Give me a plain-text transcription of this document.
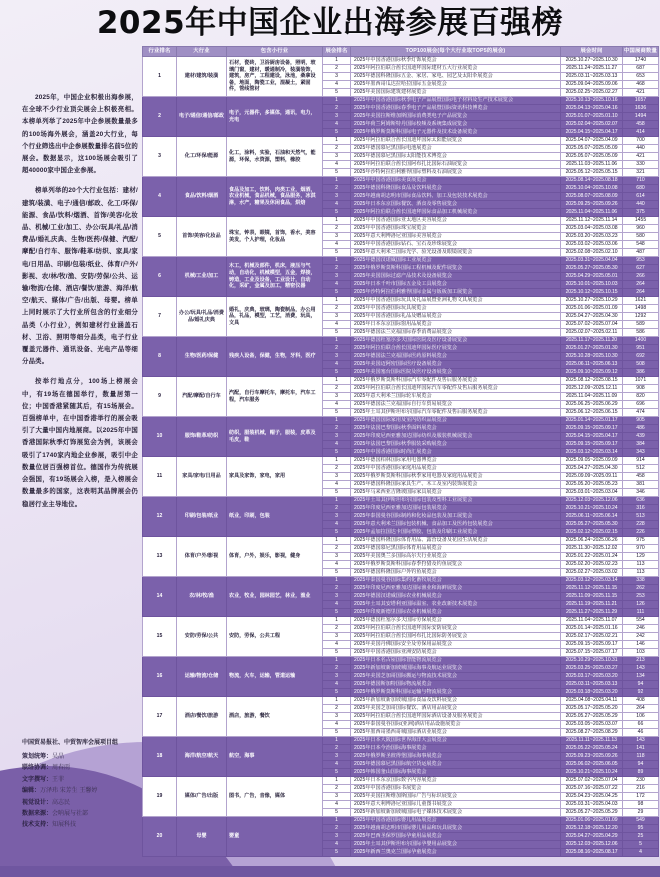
2025年中国企业出海参展百强榜

2025年，中国企业积极出海参展，在全球不少行业顶尖展会上积极亮相。本榜单列举了2025年中企参展数量最多的100场海外展会，涵盖20大行业，每个行业筛选出中企参展数量排名前5位的展会。数据显示，这100场展会吸引了超40000家中国企业参展。

榜单列举的20个大行业包括：建材/建筑/装潢、电子/通信/邮政、化工/环保/能源、食品/饮料/烟酒、首饰/美容/化妆品、机械/工业/加工、办公/玩具/礼品/消费品/婚礼庆典、生物/医药/保健、汽配/摩配/自行车、服饰/鞋革/纺织、家具/家电/日用品、印刷/包装/纸业、体育/户外/影视、农/林/牧/渔、安防/劳保/公共、运输/物流/仓储、酒店/餐饮/旅游、海洋/航空/航天、媒体/广告/出版、母婴。榜单上同时展示了大行业所包含的行业细分品类（小行业），例如建材行业涵盖石材、卫浴、照明等细分品类，电子行业覆盖元器件、通讯设备、光电产品等细分品类。

按举行地点分，100场上榜展会中，有19场在德国举行，数量居第一位；中国香港紧随其后，有15场展会。百强榜单中，在中国香港举行的展会吸引了大量中国内地展商。以2025年中国香港国际秋季灯饰展览会为例，该展会吸引了1740家内地企业参展，吸引中企数量位居百强榜首位。德国作为传统展会强国，有19场展会入榜，是入榜展会数量最多的国家，这表明其品牌展会仍稳居行业主导地位。

中国贸易报社、中贸智库会展项目组
策划统筹：吴晶
联络协调：周春雨
文字撰写：王菲
编辑：万泽玮 宋芳生 王馨婷
视觉设计：高志民
数据来源：会呐展与社部
技术支持：知展科技
行业排名	大行业	包含小行业	展会排名	TOP100展会(每个大行业取TOP5的展会)	展会时间	中国展商数量
1	建材/建筑/装潢	石材，瓷砖，卫浴厨房设备，照明，玻璃门窗，建材，暖通制冷，装潢装饰，建筑，房产，工程建设，泳池，桑拿设备，地面，陶瓷工业，混凝土，紧固件，管线管材	1	2025年中国香港国际秋季灯饰展览会	2025.10.27~2025.10.30	1740
			2	2025年阿拉伯联合酋长国迪拜国际建材五大行业展览会	2025.11.24~2025.11.27	687
			3	2025年德国科隆国际五金、家居、家电、园艺及太阳伞展览会	2025.03.11~2025.03.13	653
			4	2025年墨西哥瓜达拉哈拉国际五金展览会	2025.09.04~2025.09.06	468
			5	2025年美国国际建筑建材展览会	2025.02.25~2025.02.27	421
2	电子/通信/通信/邮政	电子，元器件，多媒体，通讯，电力，光电	1	2025年中国香港国际秋季电子产品展暨国际电子材料及生产技术展览会	2025.10.13~2025.10.16	1657
			2	2025年中国香港国际春季电子产品展暨国际资讯科技博览会	2025.04.13~2025.04.16	1636
			3	2025年美国拉斯维加斯国际消费类电子产品展览会	2025.01.07~2025.01.10	1494
			4	2025年荷兰阿姆斯特丹国际校频及系统集成展览会	2025.02.04~2025.02.07	458
			5	2025年俄罗斯莫斯科国际电子元器件及技术设备展览会	2025.04.15~2025.04.17	414
3	化工/环保/能源	化工，涂料，实验，石油和天然气，能源，环保，水资源，塑料，橡胶	1	2025年阿拉伯联合酋长国迪拜国际太阳能展览会	2025.04.07~2025.04.09	700
			2	2025年德国慕尼黑国际电池展览会	2025.05.07~2025.05.09	440
			3	2025年德国慕尼黑国际太阳能技术博览会	2025.05.07~2025.05.09	421
			4	2025年阿拉伯联合酋长国阿布扎比国际石油展览会	2025.11.03~2025.11.06	330
			5	2025年沙特阿拉伯利雅得国际塑料及石油展览会	2025.05.12~2025.05.15	321
4	食品/饮料/烟酒	食品及加工，饮料，肉类工业，烟酒，农业机械，食品机械，食品服务，冰淇淋，水产，糖果及休闲食品，烘焙	1	2025年中国香港国际美食展览会	2025.08.14~2025.08.18	710
			2	2025年德国科隆国际食品及饮料展览会	2025.10.04~2025.10.08	680
			3	2025年越南胡志明市国际食品饮料、加工及包装技术展览会	2025.08.07~2025.08.09	614
			4	2025年日本东京国际餐饮、酒食及零售展览会	2025.09.25~2025.09.26	440
			5	2025年阿拉伯联合酋长国迪拜国际食品加工机械展览会	2025.11.04~2025.11.06	375
5	首饰/美容/化妆品	珠宝，钟表，眼镜，首饰，香水，美容美发，个人护理，化妆品	1	2025年中国香港国际亚太地区美容展览会	2025.11.12~2025.11.14	1455
			2	2025年中国香港国际珠宝展览会	2025.03.04~2025.03.08	960
			3	2025年意大利博洛尼亚国际美容展览会	2025.03.20~2025.03.23	580
			4	2025年中国香港国际钻石、宝石及珍珠展览会	2025.03.02~2025.03.06	548
			5	2025年意大利米兰国际光学、验光设备及眼镜展览会	2025.02.08~2025.02.10	487
6	机械/工业/加工	木工，机械及部件，机床，液压与气动，自动化，机械模型，五金，焊接，铸造，工业及设备，工业设计，自动化，采矿，金属及加工，精密仪器	1	2025年德国汉诺威国际工业展览会	2025.03.31~2025.04.04	953
			2	2025年俄罗斯莫斯科国际工程机械及配件展览会	2025.05.27~2025.05.30	627
			3	2025年美国国际过滤产品技术及设备展览会	2025.04.29~2025.05.01	266
			4	2025年日本千叶市国际五金及工具展览会	2025.10.01~2025.10.03	264
			5	2025年沙特阿拉伯利雅得国际金属与钣板加工展览会	2025.10.12~2025.10.15	264
7	办公/玩具/礼品/消费品/婚礼庆典	婚礼，庆典，玻璃，陶瓷制品，办公用品，礼品，模型，工艺，消费，玩具，文具	1	2025年中国香港国际玩具及礼品展暨亚洲礼物文具展览会	2025.10.27~2025.10.29	1621
			2	2025年中国香港国际玩具展览会	2025.01.06~2025.01.09	1498
			3	2025年中国香港国际礼品及赠品展览会	2025.04.27~2025.04.30	1292
			4	2025年日本东京国际窗用品展览会	2025.07.02~2025.07.04	589
			5	2025年德国法兰克福国际春季消费品展览会	2025.02.07~2025.02.11	586
8	生物/医药/保健	残疾人设备，保健，生物，牙科，医疗	1	2025年德国杜塞尔多夫国际医院及医疗设备展览会	2025.11.17~2025.11.20	1400
			2	2025年阿拉伯联合酋长国迪拜国际医疗展览会	2025.01.27~2025.01.30	951
			3	2025年德国法兰克福国际医药原料展览会	2025.10.28~2025.10.30	692
			4	2025年美国迈阿密国际医疗设备展览会	2025.06.11~2025.06.13	508
			5	2025年美国塞台国际医院及医疗设备展览会	2025.09.10~2025.09.12	386
9	汽配/摩配/自行车	汽配，自行车摩托车，摩托车，汽车工程，汽车服务	1	2025年俄罗斯莫斯科国际汽车零配件及售后服务展览会	2025.08.12~2025.08.15	1071
			2	2025年阿拉伯联合酋长国迪拜国际汽车零配件及售后服务展览会	2025.12.09~2025.12.11	908
			3	2025年意大利米兰国际轮车展览会	2025.11.04~2025.11.09	820
			4	2025年德国法兰克福国际自行车贸易展览会	2025.06.25~2025.06.29	696
			5	2025年土耳其伊斯坦布尔国际汽车零配件及售后服务展览会	2025.06.12~2025.06.15	474
10	服饰/鞋革/纺织	纺织，服装机械，帽子，服装，皮革及毛皮，鞋	1	2025年德国国际家用及室内纺织品展览会	2025.01.14~2025.01.17	905
			2	2025年法国巴黎国际秋季面料展览会	2025.09.15~2025.09.17	486
			3	2025年印度尼西亚雅加达国际纺织及服装机械展览会	2025.04.15~2025.04.17	439
			4	2025年法国巴黎国际秋季服装采购展览会	2025.09.15~2025.09.17	384
			5	2025年中国香港国际时尚汇展览会	2025.03.12~2025.03.14	343
11	家具/家电/日用品	家具及家饰，家电，家用	1	2025年德国柏林国际家用电器博览会	2025.09.05~2025.09.09	914
			2	2025年中国香港国际家庭用品展览会	2025.04.27~2025.04.30	512
			3	2025年俄罗斯莫斯科国际秋季家用电器及家庭用品展览会	2025.09.09~2025.09.11	458
			4	2025年德国科隆国际家具生产、木工及室内装饰展览会	2025.05.20~2025.05.23	381
			5	2025年马来西亚吉隆坡国际家具展览会	2025.03.01~2025.03.04	346
12	印刷/包装/纸业	纸业，印刷，包装	1	2025年土耳其伊斯坦布尔国际包装及塑料工业展览会	2025.12.03~2025.12.06	636
			2	2025年印度尼西亚雅加达国际包装展览会	2025.10.21~2025.10.24	316
			3	2025年泰国曼谷国际制药和化妆品包装及加工展览会	2025.06.11~2025.06.14	513
			4	2025年意大利米兰国际包装机械、食品加工及医药包装展览会	2025.05.27~2025.05.30	228
			5	2025年孟加拉国达卡国际塑胶、包装及印刷工业展览会	2025.02.12~2025.02.15	226
13	体育/户外/影视	体育，户外，娱乐，影视，健身	1	2025年德国科隆国际体育用品、露营设备及花园生活展览会	2025.06.24~2025.06.26	975
			2	2025年德国慕尼黑国际体育用品展览会	2025.11.30~2025.12.02	970
			3	2025年美国奥兰多国际高尔夫行业展览会	2025.01.22~2025.01.24	129
			4	2025年俄罗斯莫斯科国际春季狩猎及钓鱼展览会	2025.02.20~2025.02.23	113
			5	2025年德国科隆国际户外钓鱼展览会	2025.02.27~2025.03.02	113
14	农/林/牧/渔	农业，牧业，园林园艺，林业，渔业	1	2025年泰国曼谷国际集约化畜牧展览会	2025.03.12~2025.03.14	338
			2	2025年印度尼西亚雅加达国际渔业和海鲜展览会	2025.11.12~2025.11.15	262
			3	2025年德国汉诺威国际农业机械展览会	2025.11.09~2025.11.15	253
			4	2025年土耳其安塔利亚国际温室、农业改新技术展览会	2025.11.19~2025.11.21	126
			5	2025年印度新德里国际农业机械展览会	2025.11.27~2025.11.29	111
15	安防/劳保/公共	安防，劳保，公共工程	1	2025年德国杜塞尔多夫国际劳保展览会	2025.11.04~2025.11.07	554
			2	2025年阿拉伯联合酋长国迪拜国际安防展览会	2025.01.14~2025.01.16	246
			3	2025年阿拉伯联合酋长国阿布扎比国际防务展览会	2025.02.17~2025.02.21	242
			4	2025年美国丹佛国际安全及劳保用品展览会	2025.09.15~2025.09.17	146
			5	2025年中国香港国际亚洲安防展览会	2025.07.15~2025.07.17	103
16	运输/物流/仓储	物流，火车，运输，管道运输	1	2025年日本名古屋国际智能物流展览会	2025.10.29~2025.10.31	213
			2	2025年新加坡新加坡城国际海事及航运业展览会	2025.03.25~2025.03.27	143
			3	2025年美国芝加哥国际搬运与物流技术展览会	2025.03.17~2025.03.20	134
			4	2025年德国斯加特国际物流展览会	2025.03.11~2025.03.13	94
			5	2025年俄罗斯莫斯科国际运输与物流展览会	2025.03.18~2025.03.20	92
17	酒店/餐饮/旅游	酒店，旅游，餐饮	1	2025年新加坡新加坡城国际食品及饮料展览会	2025.04.08~2025.04.11	408
			2	2025年美国芝加哥国际餐饮、酒店用品展览会	2025.05.17~2025.05.20	264
			3	2025年阿拉伯联合酋长国迪拜国际酒店设备及服务展览会	2025.05.27~2025.05.29	106
			4	2025年泰国曼谷国际(亚洲)酒店用品设施展览会	2025.03.05~2025.03.07	66
			5	2025年墨西哥墨西哥城国际酒店业展览会	2025.08.27~2025.08.29	46
18	海洋/航空/航天	航空，海事	1	2025年日本大阪国际世界海洋大会展览会	2025.11.11~2025.11.13	143
			2	2025年日本今治国际海事展览会	2025.05.22~2025.05.24	141
			3	2025年俄罗斯圣彼得堡国际海事展览会	2025.09.23~2025.09.26	118
			4	2025年德国慕尼黑国际航空货运展览会	2025.06.02~2025.06.05	94
			5	2025年韩国釜山国际海事展览会	2025.10.21~2025.10.24	89
19	媒体/广告/出版	图书，广告，音像，媒体	1	2025年日本东京国际数字内容展览会	2025.07.02~2025.07.04	230
			2	2025年中国香港国际书展览会	2025.07.16~2025.07.22	216
			3	2025年美国拉斯维加斯国际广告与标识展览会	2025.04.23~2025.04.25	172
			4	2025年意大利博洛尼亚国际儿童图书展览会	2025.03.31~2025.04.03	98
			5	2025年新加坡新加坡城国际电子媒体技术展览会	2025.05.27~2025.05.29	29
20	母婴	婴童	1	2025年中国香港国际婴儿用品展览会	2025.01.06~2025.01.09	549
			2	2025年越南胡志明市国际婴儿用品和玩具展览会	2025.12.18~2025.12.20	95
			3	2025年巴西圣保罗国际孕童用品展览会	2025.04.27~2025.04.29	25
			4	2025年土耳其伊斯坦布尔国际孕婴用品展览会	2025.12.03~2025.12.06	5
			5	2025年新西兰奥克兰国际孕童展览会	2025.08.16~2025.08.17	4
